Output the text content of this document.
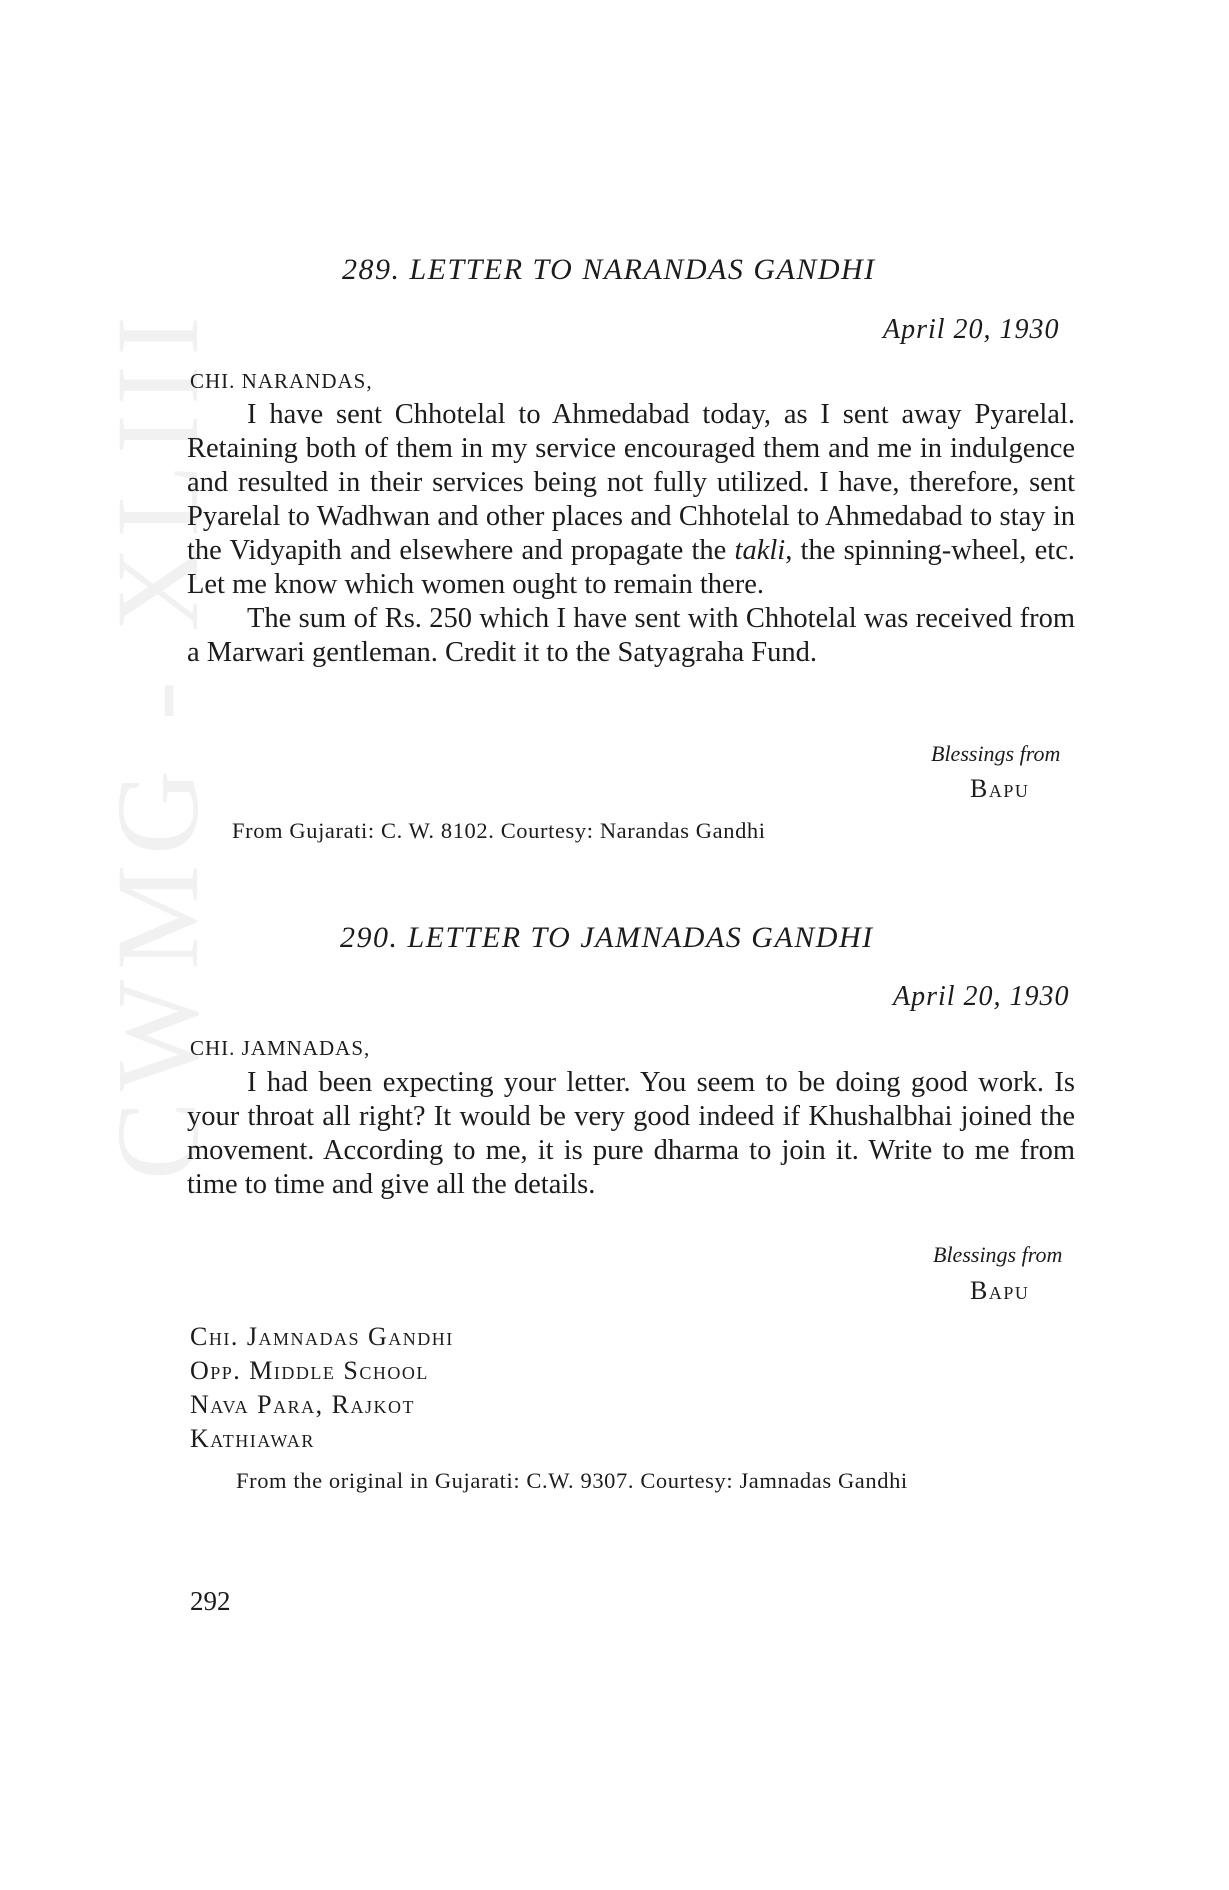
CWMG - XLIII
289. LETTER TO NARANDAS GANDHI
April 20, 1930
CHI. NARANDAS,

I have sent Chhotelal to Ahmedabad today, as I sent away Pyarelal. Retaining both of them in my service encouraged them and me in indulgence and resulted in their services being not fully utilized. I have, therefore, sent Pyarelal to Wadhwan and other places and Chhotelal to Ahmedabad to stay in the Vidyapith and elsewhere and propagate the takli, the spinning-wheel, etc. Let me know which women ought to remain there.

The sum of Rs. 250 which I have sent with Chhotelal was received from a Marwari gentleman. Credit it to the Satyagraha Fund.

Blessings from
Bapu
From Gujarati: C. W. 8102. Courtesy: Narandas Gandhi
290. LETTER TO JAMNADAS GANDHI
April 20, 1930
CHI. JAMNADAS,

I had been expecting your letter. You seem to be doing good work. Is your throat all right? It would be very good indeed if Khushalbhai joined the movement. According to me, it is pure dharma to join it. Write to me from time to time and give all the details.

Blessings from
Bapu
Chi. Jamnadas Gandhi
Opp. Middle School
Nava Para, Rajkot
Kathiawar
From the original in Gujarati: C.W. 9307. Courtesy: Jamnadas Gandhi
292
